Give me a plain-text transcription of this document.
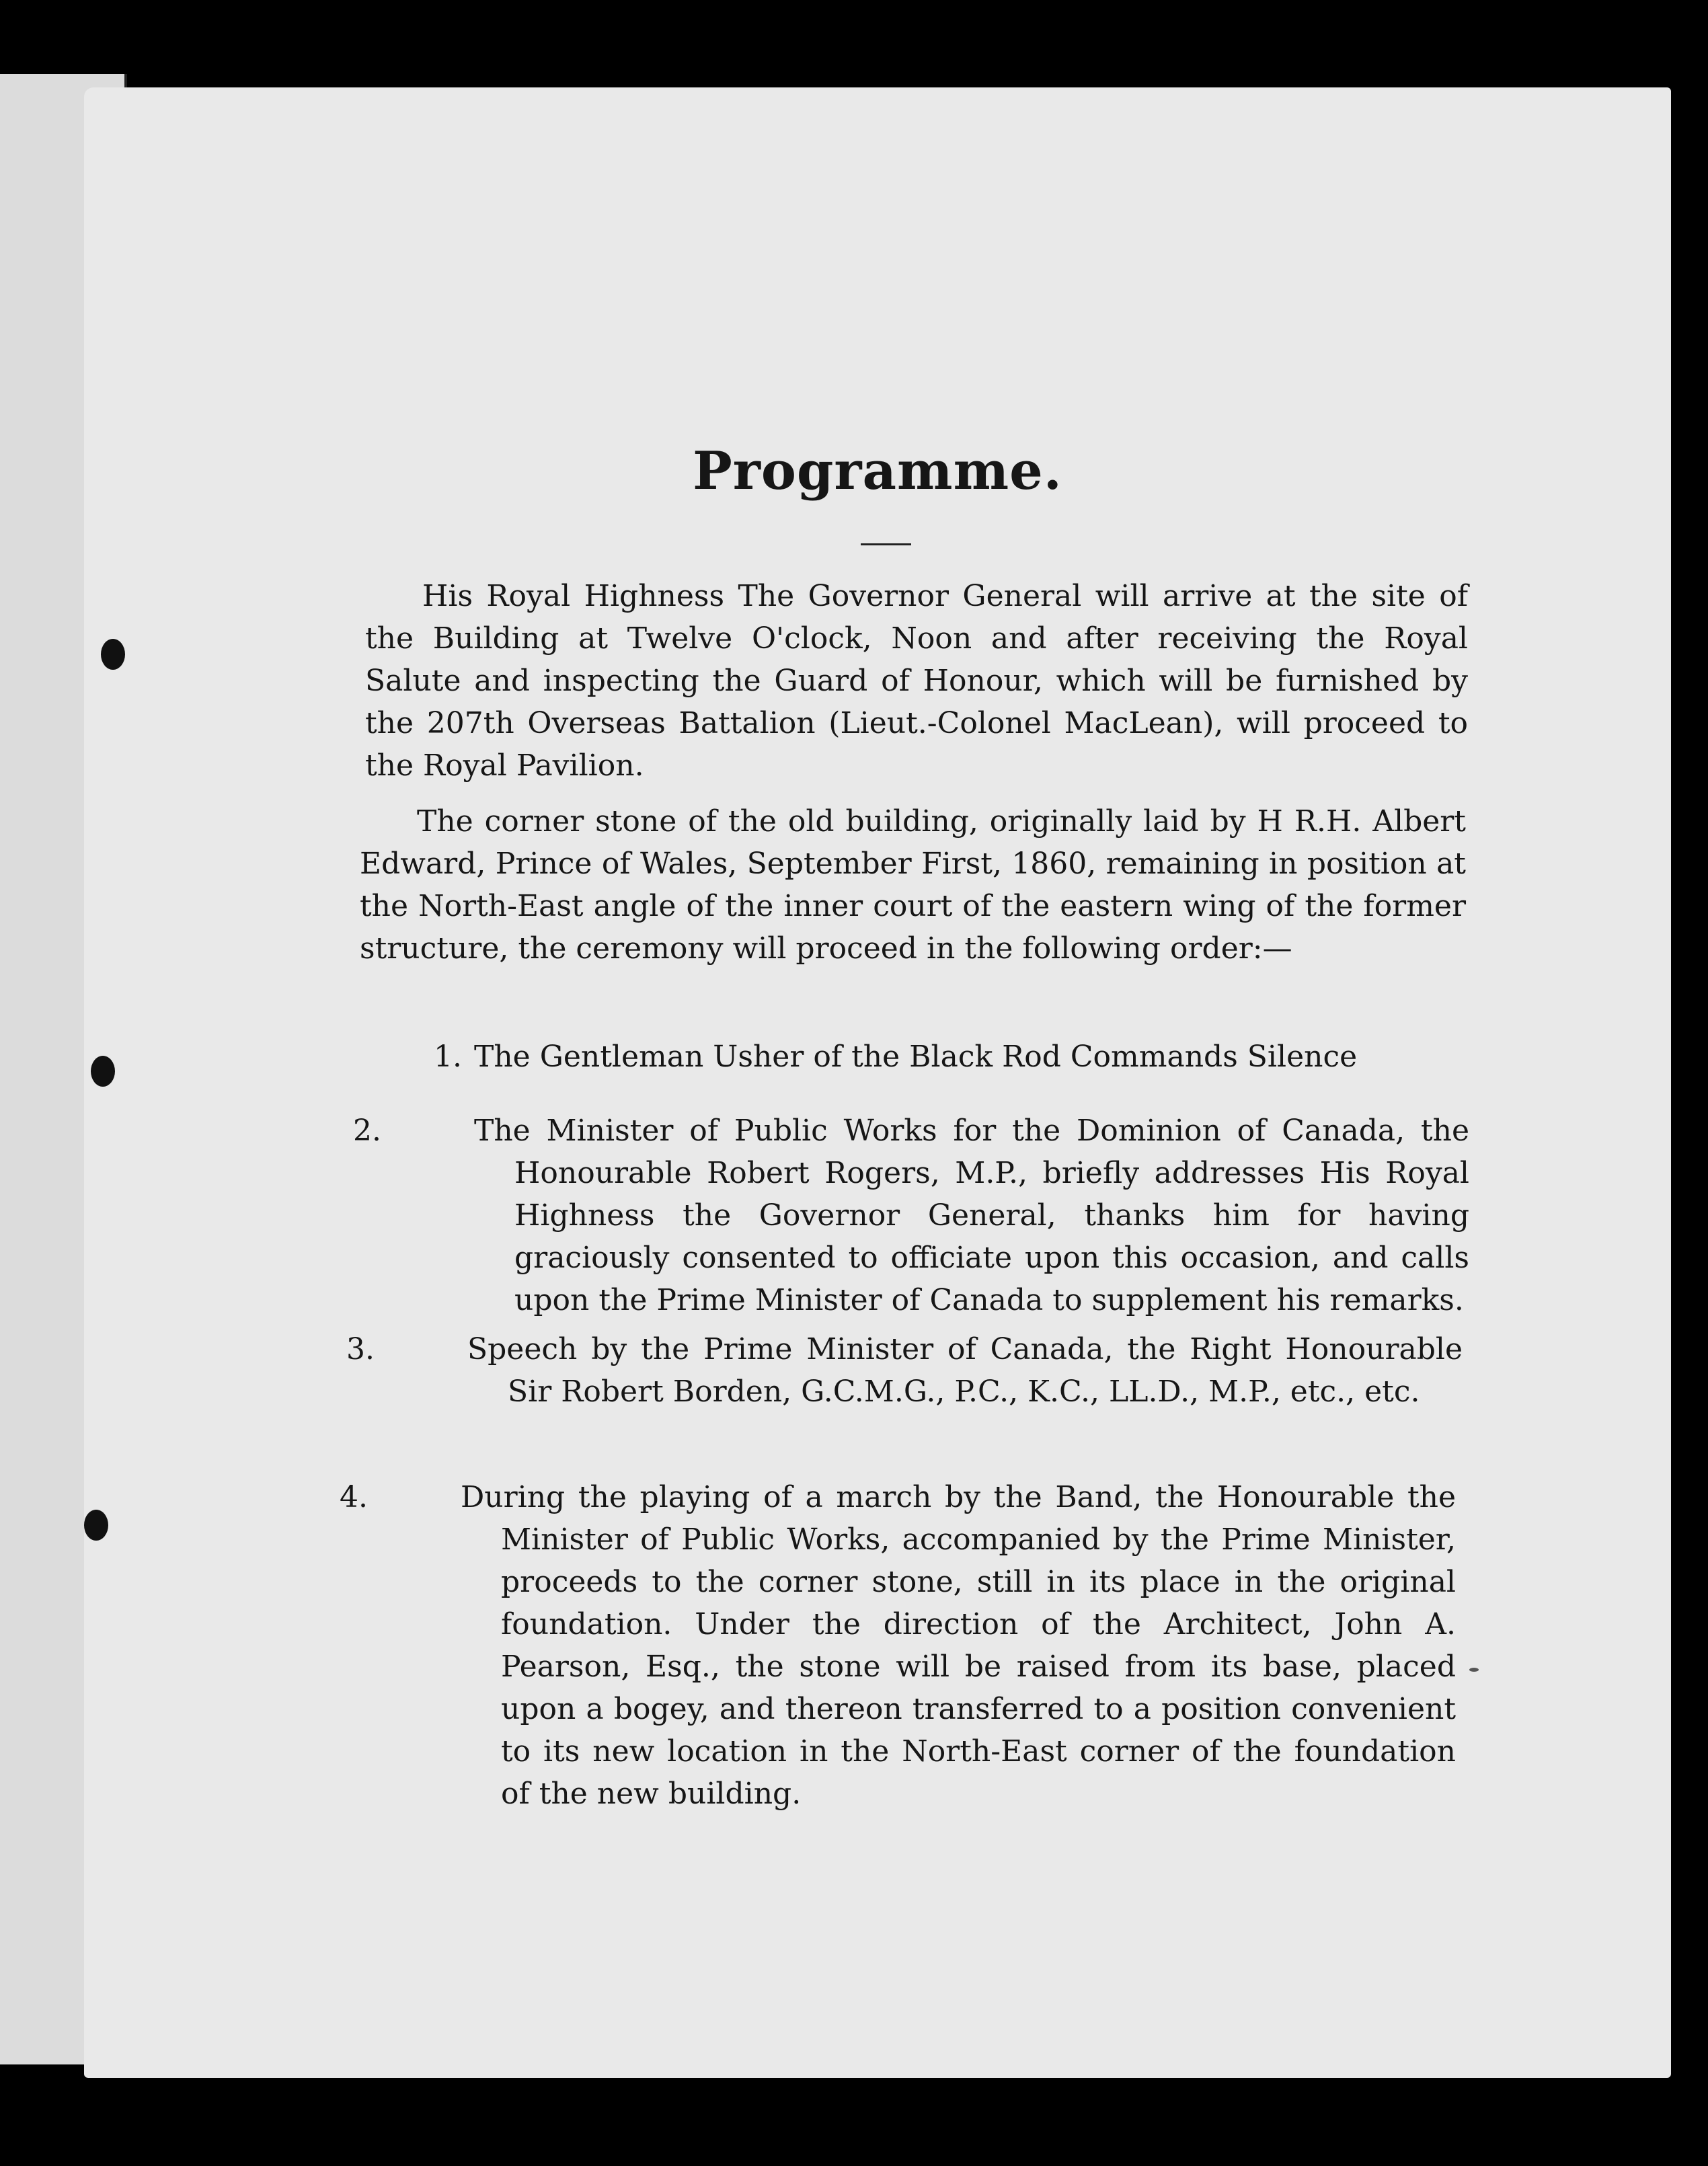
Programme.
His Royal Highness The Governor General will arrive at the site of the Building at Twelve O'clock, Noon and after receiving the Royal Salute and inspecting the Guard of Honour, which will be furnished by the 207th Overseas Battalion (Lieut.-Colonel MacLean), will proceed to the Royal Pavilion.
The corner stone of the old building, originally laid by H R.H. Albert Edward, Prince of Wales, September First, 1860, remaining in position at the North-East angle of the inner court of the eastern wing of the former structure, the ceremony will proceed in the following order:—
1. The Gentleman Usher of the Black Rod Commands Silence
2.	The Minister of Public Works for the Dominion of Canada, the Honourable Robert Rogers, M.P., briefly addresses His Royal Highness the Governor General, thanks him for having graciously consented to officiate upon this occasion, and calls upon the Prime Minister of Canada to supplement his remarks.
3.	Speech by the Prime Minister of Canada, the Right Honourable Sir Robert Borden, G.C.M.G., P.C., K.C., LL.D., M.P., etc., etc.
4.	During the playing of a march by the Band, the Honourable the Minister of Public Works, accompanied by the Prime Minister, proceeds to the corner stone, still in its place in the original foundation. Under the direction of the Architect, John A. Pearson, Esq., the stone will be raised from its base, placed upon a bogey, and thereon transferred to a position convenient to its new location in the North-East corner of the foundation of the new building.
